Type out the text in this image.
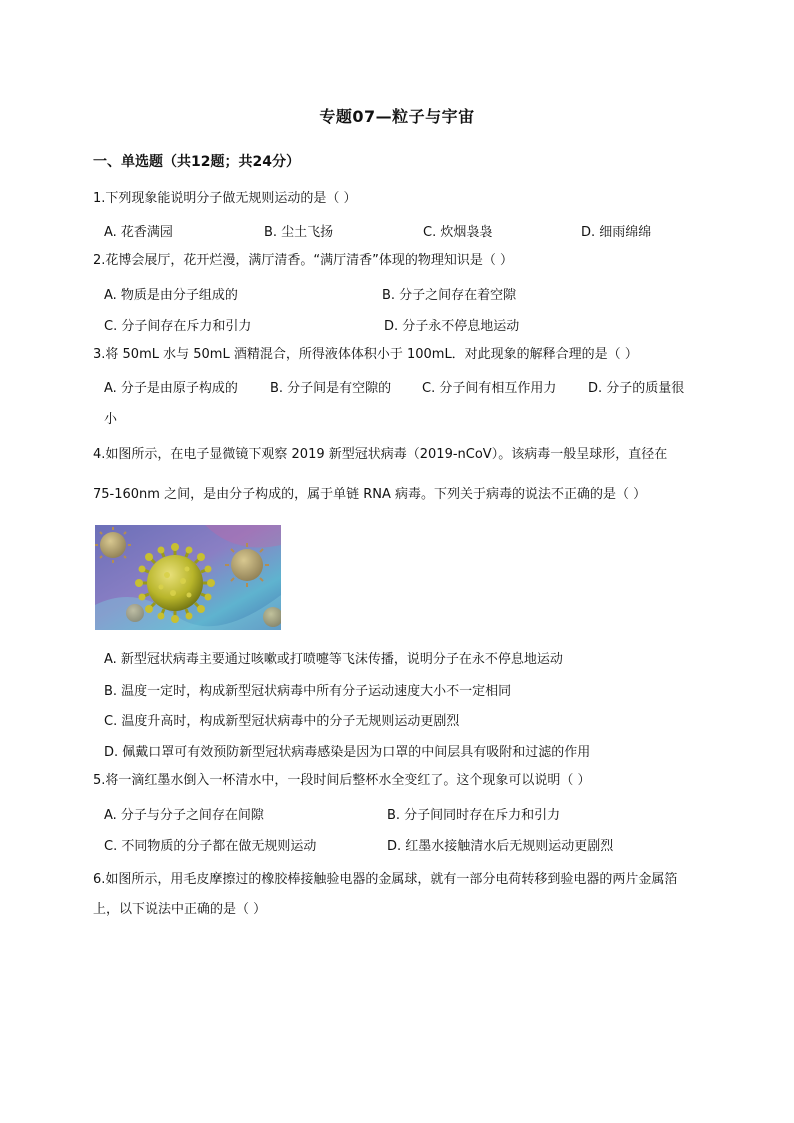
专题07—粒子与宇宙
一、单选题（共12题；共24分）
1.下列现象能说明分子做无规则运动的是（ ）
A. 花香满园	B. 尘土飞扬	C. 炊烟袅袅	D. 细雨绵绵
2.花博会展厅，花开烂漫，满厅清香。“满厅清香”体现的物理知识是（ ）
A. 物质是由分子组成的	B. 分子之间存在着空隙
C. 分子间存在斥力和引力	D. 分子永不停息地运动
3.将 50mL 水与 50mL 酒精混合，所得液体体积小于 100mL．对此现象的解释合理的是（ ）
A. 分子是由原子构成的 B. 分子间是有空隙的 C. 分子间有相互作用力 D. 分子的质量很
小
4.如图所示，在电子显微镜下观察 2019 新型冠状病毒（2019-nCoV）。该病毒一般呈球形，直径在
75-160nm 之间，是由分子构成的，属于单链 RNA 病毒。下列关于病毒的说法不正确的是（ ）
A. 新型冠状病毒主要通过咳嗽或打喷嚏等飞沫传播，说明分子在永不停息地运动
B. 温度一定时，构成新型冠状病毒中所有分子运动速度大小不一定相同
C. 温度升高时，构成新型冠状病毒中的分子无规则运动更剧烈
D. 佩戴口罩可有效预防新型冠状病毒感染是因为口罩的中间层具有吸附和过滤的作用
5.将一滴红墨水倒入一杯清水中，一段时间后整杯水全变红了。这个现象可以说明（ ）
A. 分子与分子之间存在间隙	B. 分子间同时存在斥力和引力
C. 不同物质的分子都在做无规则运动	D. 红墨水接触清水后无规则运动更剧烈
6.如图所示，用毛皮摩擦过的橡胶棒接触验电器的金属球，就有一部分电荷转移到验电器的两片金属箔上，以下说法中正确的是（ ）
